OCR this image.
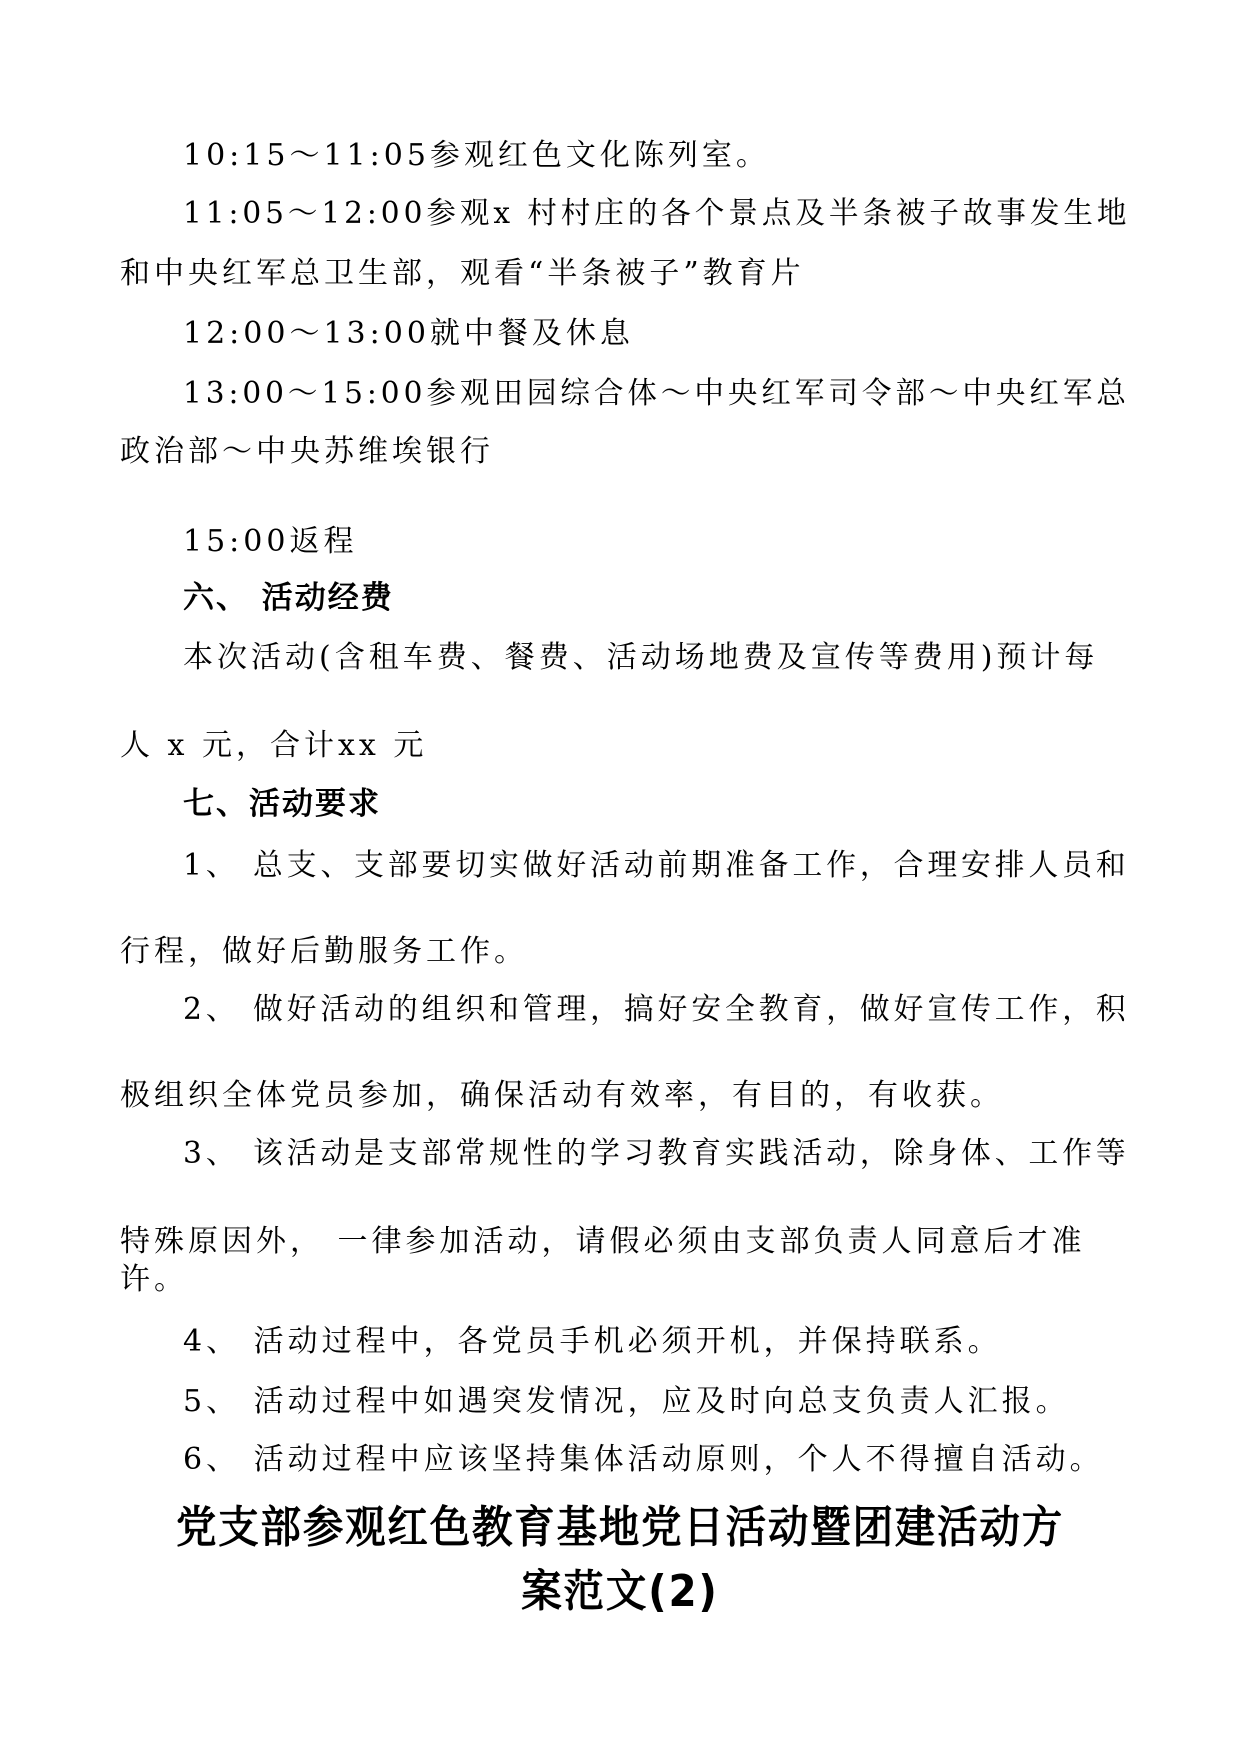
10:15～11:05参观红色文化陈列室。
11:05～12:00参观x 村村庄的各个景点及半条被子故事发生地
和中央红军总卫生部，观看“半条被子”教育片
12:00～13:00就中餐及休息
13:00～15:00参观田园综合体～中央红军司令部～中央红军总
政治部～中央苏维埃银行
15:00返程
六、 活动经费
本次活动(含租车费、餐费、活动场地费及宣传等费用)预计每
人 x 元，合计xx 元
七、活动要求
1、 总支、支部要切实做好活动前期准备工作，合理安排人员和
行程，做好后勤服务工作。
2、 做好活动的组织和管理，搞好安全教育，做好宣传工作，积
极组织全体党员参加，确保活动有效率，有目的，有收获。
3、 该活动是支部常规性的学习教育实践活动，除身体、工作等
特殊原因外， 一律参加活动，请假必须由支部负责人同意后才准
许。
4、 活动过程中，各党员手机必须开机，并保持联系。
5、 活动过程中如遇突发情况，应及时向总支负责人汇报。
6、 活动过程中应该坚持集体活动原则，个人不得擅自活动。
党支部参观红色教育基地党日活动暨团建活动方
案范文(2)
